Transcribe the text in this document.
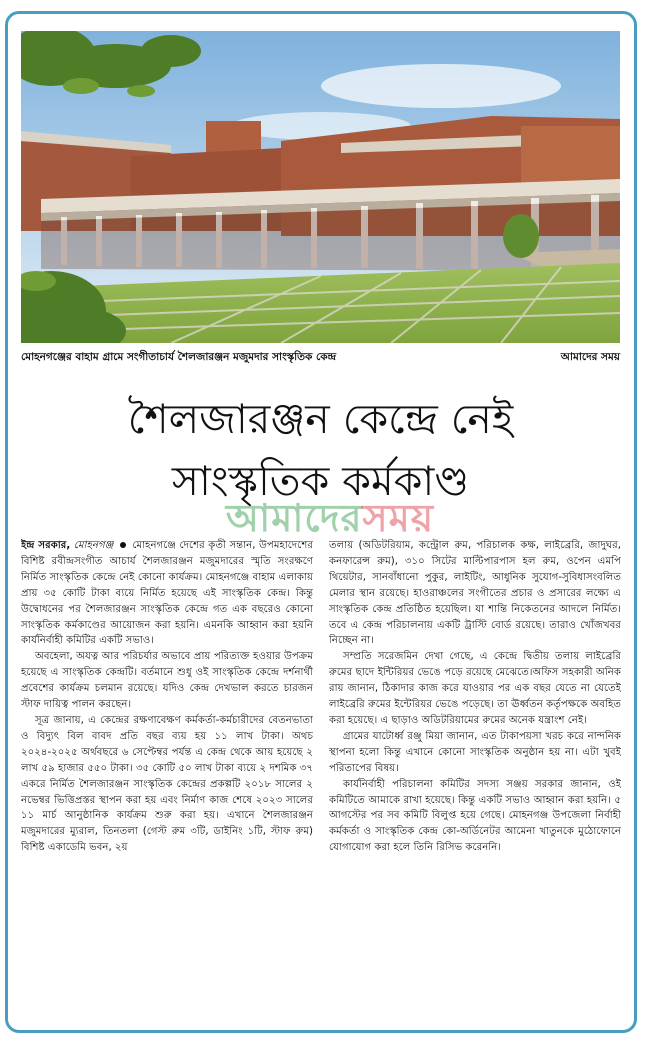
মোহনগঞ্জের বাহাম গ্রামে সংগীতাচার্য শৈলজারঞ্জন মজুমদার সাংস্কৃতিক কেন্দ্র	আমাদের সময়
শৈলজারঞ্জন কেন্দ্রে নেই
সাংস্কৃতিক কর্মকাণ্ড
আমাদেরসময়

ইন্দ্র সরকার, মোহনগঞ্জ মোহনগঞ্জে দেশের কৃতী সন্তান, উপমহাদেশের বিশিষ্ট রবীন্দ্রসংগীত আচার্য শৈলজারঞ্জন মজুমদারের স্মৃতি সংরক্ষণে নির্মিত সাংস্কৃতিক কেন্দ্রে নেই কোনো কার্যক্রম। মোহনগঞ্জে বাহাম এলাকায় প্রায় ৩৫ কোটি টাকা ব্যয়ে নির্মিত হয়েছে এই সাংস্কৃতিক কেন্দ্র। কিন্তু উদ্বোধনের পর শৈলজারঞ্জন সাংস্কৃতিক কেন্দ্রে গত এক বছরেও কোনো সাংস্কৃতিক কর্মকাণ্ডের আয়োজন করা হয়নি। এমনকি আহ্বান করা হয়নি কার্যনির্বাহী কমিটির একটি সভাও।

অবহেলা, অযত্ন আর পরিচর্যার অভাবে প্রায় পরিত্যক্ত হওয়ার উপক্রম হয়েছে এ সাংস্কৃতিক কেন্দ্রটি। বর্তমানে শুধু ওই সাংস্কৃতিক কেন্দ্রে দর্শনার্থী প্রবেশের কার্যক্রম চলমান রয়েছে। যদিও কেন্দ্র দেখভাল করতে চারজন স্টাফ দায়িত্ব পালন করছেন।

সূত্র জানায়, এ কেন্দ্রের রক্ষণাবেক্ষণ কর্মকর্তা-কর্মচারীদের বেতনভাতা ও বিদ্যুৎ বিল বাবদ প্রতি বছর ব্যয় হয় ১১ লাখ টাকা। অথচ ২০২৪-২০২৫ অর্থবছরে ৬ সেপ্টেম্বর পর্যন্ত এ কেন্দ্র থেকে আয় হয়েছে ২ লাখ ৫৯ হাজার ৫৫০ টাকা। ৩৫ কোটি ৫০ লাখ টাকা ব্যয়ে ২ দশমিক ৩৭ একরে নির্মিত শৈলজারঞ্জন সাংস্কৃতিক কেন্দ্রের প্রকল্পটি ২০১৮ সালের ২ নভেম্বর ভিত্তিপ্রস্তর স্থাপন করা হয় এবং নির্মাণ কাজ শেষে ২০২৩ সালের ১১ মার্চ আনুষ্ঠানিক কার্যক্রম শুরু করা হয়। এখানে শৈলজারঞ্জন মজুমদারের ম্যুরাল, তিনতলা (গেস্ট রুম ৩টি, ডাইনিং ১টি, স্টাফ রুম) বিশিষ্ট একাডেমি ভবন, ২য়

তলায় (অডিটরিয়াম, কন্ট্রোল রুম, পরিচালক কক্ষ, লাইব্রেরি, জাদুঘর, কনফারেন্স রুম), ৩১০ সিটের মাল্টিপারপাস হল রুম, ওপেন এমপি থিয়েটার, সানবাঁধানো পুকুর, লাইটিং, আধুনিক সুযোগ-সুবিধাসংবলিত মেলার স্থান রয়েছে। হাওরাঞ্চলের সংগীতের প্রচার ও প্রসারের লক্ষ্যে এ সাংস্কৃতিক কেন্দ্র প্রতিষ্ঠিত হয়েছিল। যা শান্তি নিকেতনের আদলে নির্মিত। তবে এ কেন্দ্র পরিচালনায় একটি ট্রাস্টি বোর্ড রয়েছে। তারাও খোঁজখবর নিচ্ছেন না।

সম্প্রতি সরেজমিন দেখা গেছে, এ কেন্দ্রে দ্বিতীয় তলায় লাইব্রেরি রুমের ছাদে ইন্টিরিয়র ভেঙে পড়ে রয়েছে মেঝেতে।অফিস সহকারী অনিক রায় জানান, ঠিকাদার কাজ করে যাওয়ার পর এক বছর যেতে না যেতেই লাইব্রেরি রুমের ইন্টেরিয়র ভেঙে পড়েছে। তা ঊর্ধ্বতন কর্তৃপক্ষকে অবহিত করা হয়েছে। এ ছাড়াও অডিটরিয়ামের রুমের অনেক যন্ত্রাংশ নেই।

গ্রামের যাটোর্ধ্ব রঞ্জু মিয়া জানান, এত টাকাপয়সা খরচ করে নান্দনিক স্থাপনা হলো কিন্তু এখানে কোনো সাংস্কৃতিক অনুষ্ঠান হয় না। এটা খুবই পরিতাপের বিষয়।

কার্যনির্বাহী পরিচালনা কমিটির সদস্য সঞ্জয় সরকার জানান, ওই কমিটিতে আমাকে রাখা হয়েছে। কিন্তু একটি সভাও আহ্বান করা হয়নি। ৫ আগস্টের পর সব কমিটি বিলুপ্ত হয়ে গেছে। মোহনগঞ্জ উপজেলা নির্বাহী কর্মকর্তা ও সাংস্কৃতিক কেন্দ্র কো-অর্ডিনেটর আমেনা খাতুনকে মুঠোফোনে যোগাযোগ করা হলে তিনি রিসিভ করেননি।
